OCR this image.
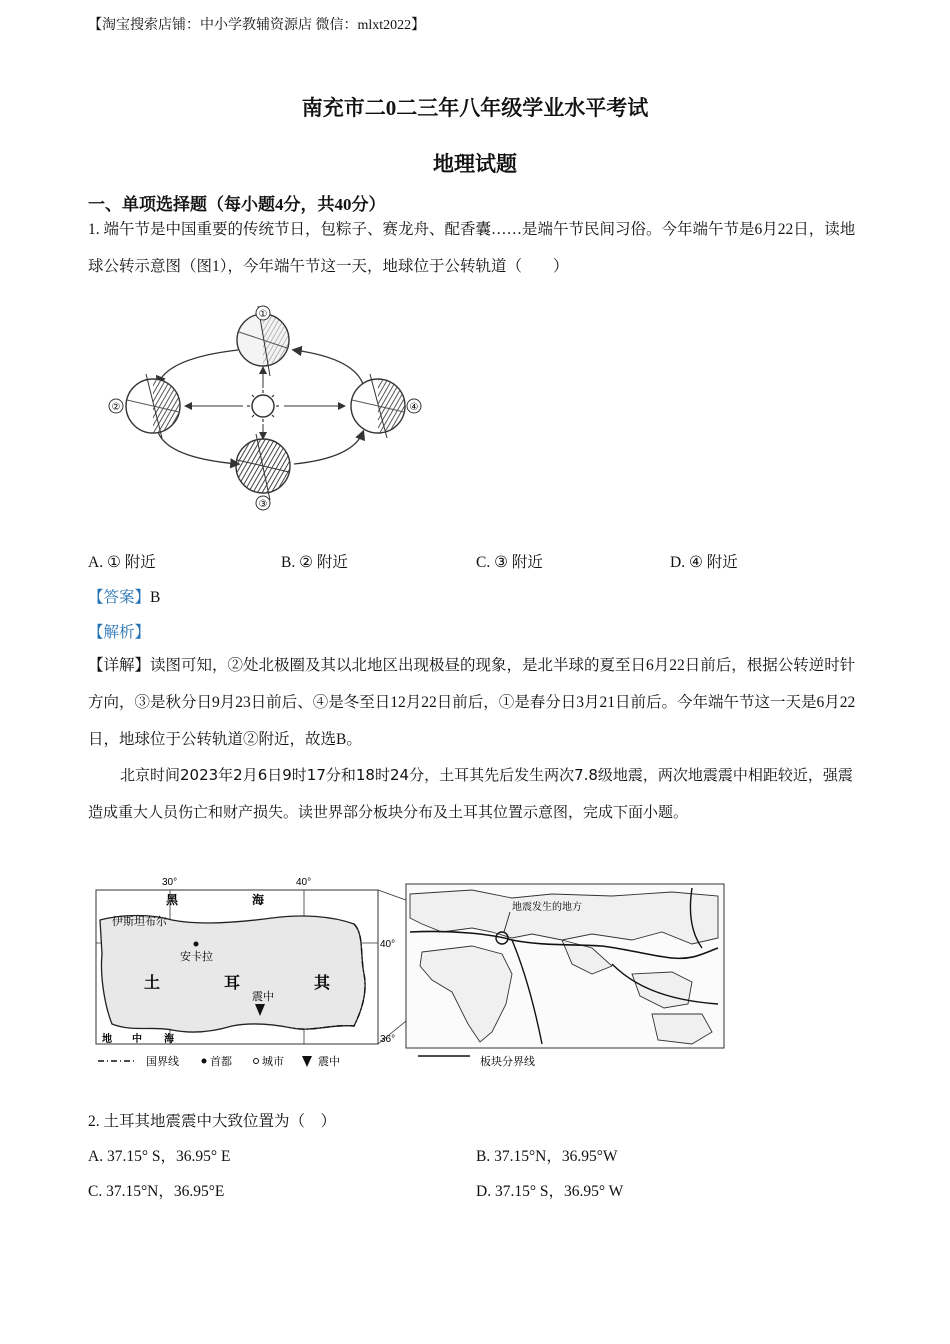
【淘宝搜索店铺：中小学教辅资源店 微信：mlxt2022】
南充市二0二三年八年级学业水平考试
地理试题
一、单项选择题（每小题4分，共40分）
1. 端午节是中国重要的传统节日，包粽子、赛龙舟、配香囊……是端午节民间习俗。今年端午节是6月22日，读地球公转示意图（图1），今年端午节这一天，地球位于公转轨道（　　）
①
②
③
④
A. ① 附近	B. ② 附近	C. ③ 附近	D. ④ 附近
【答案】B
【解析】
【详解】读图可知，②处北极圈及其以北地区出现极昼的现象，是北半球的夏至日6月22日前后，根据公转逆时针方向，③是秋分日9月23日前后、④是冬至日12月22日前后，①是春分日3月21日前后。今年端午节这一天是6月22日，地球位于公转轨道②附近，故选B。
北京时间2023年2月6日9时17分和18时24分，土耳其先后发生两次7.8级地震，两次地震震中相距较近，强震造成重大人员伤亡和财产损失。读世界部分板块分布及土耳其位置示意图，完成下面小题。
30°	40°
40°
36°
黑	海
伊斯坦布尔
安卡拉
土	耳	其
震中
地 中 海
地震发生的地方
国界线	首都	城市	震中	板块分界线
2. 土耳其地震震中大致位置为（　）
A. 37.15° S，36.95° E	B. 37.15°N，36.95°W
C. 37.15°N，36.95°E	D. 37.15° S，36.95° W
